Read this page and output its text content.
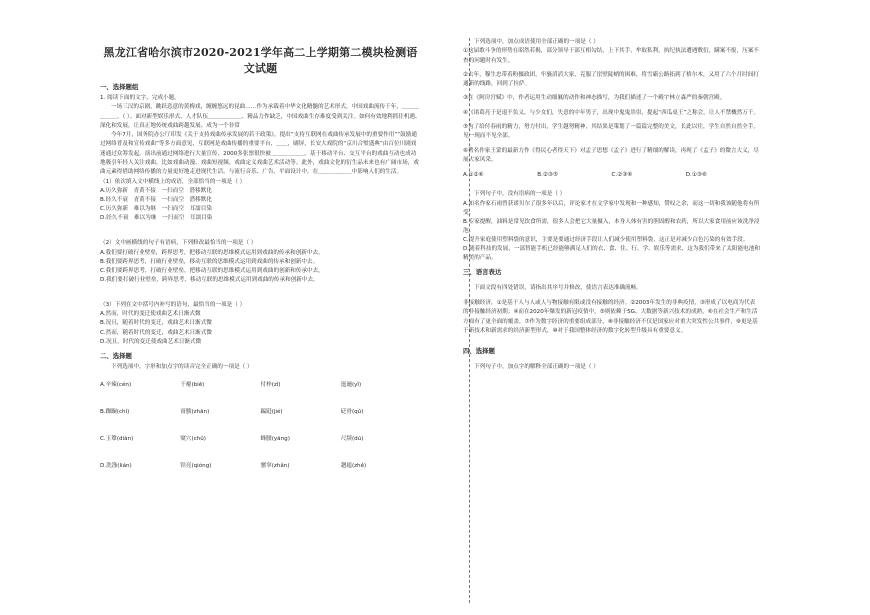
黑龙江省哈尔滨市2020-2021学年高二上学期第二模块检测语文试题
一、选择题组

1. 阅读下面的文字，完成小题。

一场三汉的京剧，跳跃恣意的黄梅戏，缠缠悠远的昆曲……作为承载着中华文化精髓的艺术形式，中国戏曲流传千年，＿＿＿＿＿＿。（ ）。面对新型娱乐形式、人才队伍＿＿＿＿＿＿、精品力作缺乏，中国戏曲生存难度受到关注。如何有效地利抓住机遇、深化和发展，让真正地传统戏曲跨越发展、成为一个非常

今年7月，国务院办公厅印发《关于支持戏曲传承发展的若干政策》，提出“支持互联网在戏曲传承发展中的重要作用”“鼓励通过网络普及和宣传戏曲”等多方面意见，互联网是戏曲传播的重要平台，＿＿，刷屏，长安大戏院的“京川合璧盛典”由百位川剧戏迷通过众筹发起，演出前通过网络进行大量宣传，2000多张票很快被＿＿＿＿＿＿。基于移动平台、交互平台的戏曲互动也成功地吸引年轻人关注戏曲，比如戏曲动漫、戏曲短视频、戏曲定义戏曲艺术活动等。此外，戏曲文化的衍生品未来也有广阔市场，戏曲元素得借助网络传播的力量更好地走进现代生活，与流行音乐、广告、平面设计中，在＿＿＿＿＿＿中影响人们的生活。

（1）依次填入文中横线上的成语，全部恰当的一项是（ ）

A.历久弥新　青黄不接　一扫而空　潜移默化

B.经久不衰　青黄不接　一扫而空　潜移默化

C.历久弥新　难以为继　一扫而空　耳濡目染

D.经久不衰　难以为继　一扫而空　耳濡目染

（2）文中画横线的句子有语病，下列修改最恰当的一项是（ ）

A.我们要打破行业壁垒，跨界思考，把移动互联的思维模式运用到戏曲的传承和创新中去。

B.我们要跨界思考，打破行业壁垒，移动互联的思维模式运用到戏曲的传承和创新中去。

C.我们要跨界思考，打破行业壁垒，把移动互联的思维模式运用到戏曲的创新和传承中去。

D.我们要打破行业壁垒，跨界思考，移动互联的思维模式运用到戏曲的传承和创新中去。

（3）下列在文中括号内补写的语句，最恰当的一项是（ ）

A.然而，时代的变迁使戏曲艺术日渐式微

B.况且，随着时代的变迁，戏曲艺术日渐式微

C.然而，随着时代的变迁，戏曲艺术日渐式微

D.况且，时代的变迁使戏曲艺术日渐式微

二、选择题

下列选项中，字形和加点字的读音完全正确的一项是（ ）

A.辛辣(cén)	干瘪(biě)	付梓(zǐ)	迤逦(yǐ)
B.踟蹰(chí)	膏腴(zhān)	蹁跹(jié)	砭骨(qǔ)
C.玉簟(diàn)	窠穴(chǔ)	蜂腰(yāng)	尺牍(dú)
D.洗涤(lián)	锃亮(qióng)	窸窣(zhǎn)	趔趄(zhě)

下列选项中，加点成语使用全部正确的一项是（ ）

①这届歌斗争的形势在昭然若揭，部分领导干部互相勾结，上下其手，牟取私利，执纪执法遭遇敷衍，瞒案不报，压案不查的问题时有发生。

②去年，穆生忠带着粉摄政团，牢骚滔滔大家，克服了崖壁陡峭的困难，将雪霸公路拓到了格尔木，又用了六个月时间打通新的线路，回到了拉萨。

③在《阿房宫赋》中，作者运用生动细腻的动作和神态描写，为我们描述了一个殿宇林立森严的秦朝宫殿。

④《诸葛亮于是退不负义，与少女们，失意的中年男子，出现中鬼鬼祟祟，提起“西瓜桌王”之称会，让人不禁概然万千。

⑤为了给付春雨的精力，努力付出，学生越努精神，其结果是策划了一篇篇完整的美文，长此以往，学生自然自然全手，见一现而不见全部。

⑥著名作家王蒙的最新力作《得民心者得天下》对孟子思想《孟子》进行了精细的解读，再现了《孟子》的微言大义，尽展大家风采。

A.①②⑥	B.②③⑤	C.②③⑥	D.①③⑥

下列句子中，没有语病的一项是（ ）

A.知名作家石雨曾获诺贝尔了很多年以后，评论家才在文学家中发现和一种感知，赞叹之余，而这一切和我该随他将有所受。

B.专家提醒，油料是常见饮食所需，很多人会把它大量摄入，本身人体有害的胆固醇和农药，所以大家食用前应该洗净浸泡。

C.提升家庭使用塑料袋的意识，主要是要通过经济手段让人们减少使用塑料袋，这正是对减少白色污染的有效手段。

D.随着科技的发展，一部智能手机已经能够满足人们的衣、食、住、行、学、娱乐等需求，这为我们带来了太阳能电池和精美的产品。

三、语言表达

下面文段有四处错误，请指出其序号并修改，使语言表达准确流畅。

非接触经济，①是基于人与人或人与物接触有限或没有接触的经济。②2003年发生的非典疫情，③形成了以电商为代表的非接触经济初期；④而在2020年爆发的新冠疫情中，⑤则依赖于5G、大数据等新兴技术的成熟，⑥在社会生产和生活方面有了更全面的覆盖，⑦作为数字经济的重要组成部分，⑧非接触经济不仅是国家应对重大突发性公共事件，⑨更是基于新技术和新需求的经济新型形式，⑩对于我国整体经济的数字化转型升级具有重要意义。

四、选择题

下列句子中，加点字的解释全部正确的一项是（ ）
